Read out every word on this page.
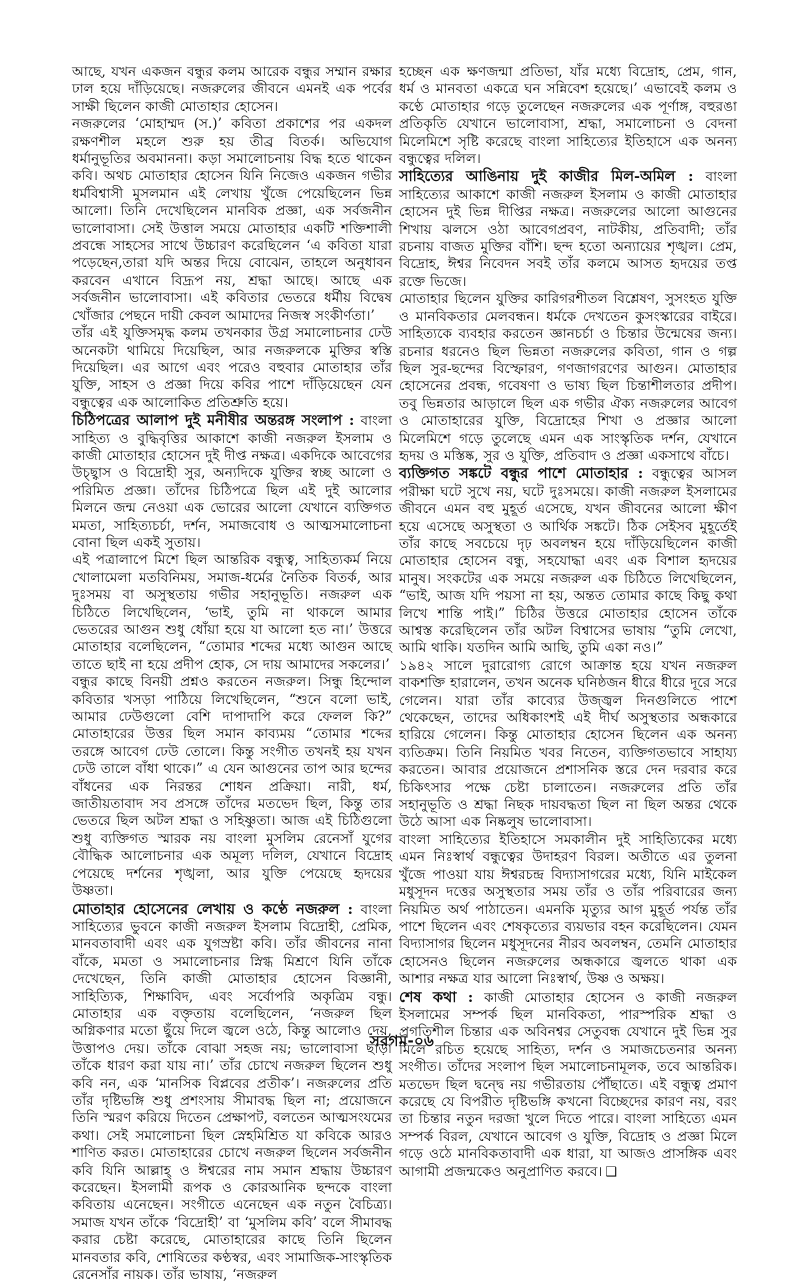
আছে, যখন একজন বন্ধুর কলম আরেক বন্ধুর সম্মান রক্ষার ঢাল হয়ে দাঁড়িয়েছে। নজরুলের জীবনে এমনই এক পর্বের সাক্ষী ছিলেন কাজী মোতাহার হোসেন।

নজরুলের ‘মোহাম্মদ (স.)’ কবিতা প্রকাশের পর একদল রক্ষণশীল মহলে শুরু হয় তীব্র বিতর্ক। অভিযোগ ধর্মানুভূতির অবমাননা। কড়া সমালোচনায় বিদ্ধ হতে থাকেন কবি। অথচ মোতাহার হোসেন যিনি নিজেও একজন গভীর ধর্মবিশ্বাসী মুসলমান এই লেখায় খুঁজে পেয়েছিলেন ভিন্ন আলো। তিনি দেখেছিলেন মানবিক প্রজ্ঞা, এক সর্বজনীন ভালোবাসা। সেই উত্তাল সময়ে মোতাহার একটি শক্তিশালী প্রবন্ধে সাহসের সাথে উচ্চারণ করেছিলেন ‘এ কবিতা যারা পড়েছেন,তারা যদি অন্তর দিয়ে বোঝেন, তাহলে অনুধাবন করবেন এখানে বিদ্রূপ নয়, শ্রদ্ধা আছে। আছে এক সর্বজনীন ভালোবাসা। এই কবিতার ভেতরে ধর্মীয় বিদ্বেষ খোঁজার পেছনে দায়ী কেবল আমাদের নিজস্ব সংকীর্ণতা।’

তাঁর এই যুক্তিসমৃদ্ধ কলম তখনকার উগ্র সমালোচনার ঢেউ অনেকটা থামিয়ে দিয়েছিল, আর নজরুলকে মুক্তির স্বস্তি দিয়েছিল। এর আগে এবং পরেও বহুবার মোতাহার তাঁর যুক্তি, সাহস ও প্রজ্ঞা দিয়ে কবির পাশে দাঁড়িয়েছেন যেন বন্ধুত্বের এক আলোকিত প্রতিশ্রুতি হয়ে।

চিঠিপত্রের আলাপ দুই মনীষীর অন্তরঙ্গ সংলাপ : বাংলা সাহিত্য ও বুদ্ধিবৃত্তির আকাশে কাজী নজরুল ইসলাম ও কাজী মোতাহার হোসেন দুই দীপ্ত নক্ষত্র। একদিকে আবেগের উচ্ছ্বাস ও বিদ্রোহী সুর, অন্যদিকে যুক্তির স্বচ্ছ আলো ও পরিমিত প্রজ্ঞা। তাঁদের চিঠিপত্রে ছিল এই দুই আলোর মিলনে জন্ম নেওয়া এক ভোরের আলো যেখানে ব্যক্তিগত মমতা, সাহিত্যচর্চা, দর্শন, সমাজবোধ ও আত্মসমালোচনা বোনা ছিল একই সুতায়।

এই পত্রালাপে মিশে ছিল আন্তরিক বন্ধুত্ব, সাহিত্যকর্ম নিয়ে খোলামেলা মতবিনিময়, সমাজ-ধর্মের নৈতিক বিতর্ক, আর দুঃসময় বা অসুস্থতায় গভীর সহানুভূতি। নজরুল এক চিঠিতে লিখেছিলেন, ‘ভাই, তুমি না থাকলে আমার ভেতরের আগুন শুধু ধোঁয়া হয়ে যা আলো হত না।’ উত্তরে মোতাহার বলেছিলেন, “তোমার শব্দের মধ্যে আগুন আছে তাতে ছাই না হয়ে প্রদীপ হোক, সে দায় আমাদের সকলের।’

বন্ধুর কাছে বিনয়ী প্রশ্নও করতেন নজরুল। সিন্ধু হিন্দোল কবিতার খসড়া পাঠিয়ে লিখেছিলেন, “শুনে বলো ভাই, আমার ঢেউগুলো বেশি দাপাদাপি করে ফেলল কি?” মোতাহারের উত্তর ছিল সমান কাব্যময় “তোমার শব্দের তরঙ্গে আবেগ ঢেউ তোলে। কিন্তু সংগীত তখনই হয় যখন ঢেউ তালে বাঁধা থাকে।” এ যেন আগুনের তাপ আর ছন্দের বাঁধনের এক নিরন্তর শোধন প্রক্রিয়া। নারী, ধর্ম, জাতীয়তাবাদ সব প্রসঙ্গে তাঁদের মতভেদ ছিল, কিন্তু তার ভেতরে ছিল অটল শ্রদ্ধা ও সহিষ্ণুতা। আজ এই চিঠিগুলো শুধু ব্যক্তিগত স্মারক নয় বাংলা মুসলিম রেনেসাঁ যুগের বৌদ্ধিক আলোচনার এক অমূল্য দলিল, যেখানে বিদ্রোহ পেয়েছে দর্শনের শৃঙ্খলা, আর যুক্তি পেয়েছে হৃদয়ের উষ্ণতা।

মোতাহার হোসেনের লেখায় ও কণ্ঠে নজরুল : বাংলা সাহিত্যের ভুবনে কাজী নজরুল ইসলাম বিদ্রোহী, প্রেমিক, মানবতাবাদী এবং এক যুগস্রষ্টা কবি। তাঁর জীবনের নানা বাঁকে, মমতা ও সমালোচনার স্নিগ্ধ মিশ্রণে যিনি তাঁকে দেখেছেন, তিনি কাজী মোতাহার হোসেন বিজ্ঞানী, সাহিত্যিক, শিক্ষাবিদ, এবং সর্বোপরি অকৃত্রিম বন্ধু। মোতাহার এক বক্তৃতায় বলেছিলেন, ‘নজরুল ছিল অগ্নিকণার মতো ছুঁয়ে দিলে জ্বলে ওঠে, কিন্তু আলোও দেয়, উত্তাপও দেয়। তাঁকে বোঝা সহজ নয়; ভালোবাসা ছাড়া তাঁকে ধারণ করা যায় না।’ তাঁর চোখে নজরুল ছিলেন শুধু কবি নন, এক ‘মানসিক বিপ্লবের প্রতীক’। নজরুলের প্রতি তাঁর দৃষ্টিভঙ্গি শুধু প্রশংসায় সীমাবদ্ধ ছিল না; প্রয়োজনে তিনি স্মরণ করিয়ে দিতেন প্রেক্ষাপট, বলতেন আত্মসংযমের কথা। সেই সমালোচনা ছিল স্নেহমিশ্রিত যা কবিকে আরও শাণিত করত। মোতাহারের চোখে নজরুল ছিলেন সর্বজনীন কবি যিনি আল্লাহ্ ও ঈশ্বরের নাম সমান শ্রদ্ধায় উচ্চারণ করেছেন। ইসলামী রূপক ও কোরআনিক ছন্দকে বাংলা কবিতায় এনেছেন। সংগীতে এনেছেন এক নতুন বৈচিত্র্য। সমাজ যখন তাঁকে ‘বিদ্রোহী’ বা ‘মুসলিম কবি’ বলে সীমাবদ্ধ করার চেষ্টা করেছে, মোতাহারের কাছে তিনি ছিলেন মানবতার কবি, শোষিতের কণ্ঠস্বর, এবং সামাজিক-সাংস্কৃতিক রেনেসাঁর নায়ক। তাঁর ভাষায়, ‘নজরুল

হচ্ছেন এক ক্ষণজন্মা প্রতিভা, যাঁর মধ্যে বিদ্রোহ, প্রেম, গান, ধর্ম ও মানবতা একত্রে ঘন সন্নিবেশ হয়েছে।’ এভাবেই কলম ও কণ্ঠে মোতাহার গড়ে তুলেছেন নজরুলের এক পূর্ণাঙ্গ, বহুরঙা প্রতিকৃতি যেখানে ভালোবাসা, শ্রদ্ধা, সমালোচনা ও বেদনা মিলেমিশে সৃষ্টি করেছে বাংলা সাহিত্যের ইতিহাসে এক অনন্য বন্ধুত্বের দলিল।

সাহিত্যের আঙিনায় দুই কাজীর মিল-অমিল : বাংলা সাহিত্যের আকাশে কাজী নজরুল ইসলাম ও কাজী মোতাহার হোসেন দুই ভিন্ন দীপ্তির নক্ষত্র। নজরুলের আলো আগুনের শিখায় ঝলসে ওঠা আবেগপ্রবণ, নাটকীয়, প্রতিবাদী; তাঁর রচনায় বাজত মুক্তির বাঁশি। ছন্দ হতো অন্যায়ের শৃঙ্খল। প্রেম, বিদ্রোহ, ঈশ্বর নিবেদন সবই তাঁর কলমে আসত হৃদয়ের তপ্ত রক্তে ভিজে।

মোতাহার ছিলেন যুক্তির কারিগরশীতল বিশ্লেষণ, সুসংহত যুক্তি ও মানবিকতার মেলবন্ধন। ধর্মকে দেখতেন কুসংস্কারের বাইরে। সাহিত্যকে ব্যবহার করতেন জ্ঞানচর্চা ও চিন্তার উন্মেষের জন্য। রচনার ধরনেও ছিল ভিন্নতা নজরুলের কবিতা, গান ও গল্প ছিল সুর-ছন্দের বিস্ফোরণ, গণজাগরণের আগুন। মোতাহার হোসেনের প্রবন্ধ, গবেষণা ও ভাষ্য ছিল চিন্তাশীলতার প্রদীপ। তবু ভিন্নতার আড়ালে ছিল এক গভীর ঐক্য নজরুলের আবেগ ও মোতাহারের যুক্তি, বিদ্রোহের শিখা ও প্রজ্ঞার আলো মিলেমিশে গড়ে তুলেছে এমন এক সাংস্কৃতিক দর্শন, যেখানে হৃদয় ও মস্তিষ্ক, সুর ও যুক্তি, প্রতিবাদ ও প্রজ্ঞা একসাথে বাঁচে।

ব্যক্তিগত সঙ্কটে বন্ধুর পাশে মোতাহার : বন্ধুত্বের আসল পরীক্ষা ঘটে সুখে নয়, ঘটে দুঃসময়ে। কাজী নজরুল ইসলামের জীবনে এমন বহু মুহূর্ত এসেছে, যখন জীবনের আলো ক্ষীণ হয়ে এসেছে অসুস্থতা ও আর্থিক সঙ্কটে। ঠিক সেইসব মুহূর্তেই তাঁর কাছে সবচেয়ে দৃঢ় অবলম্বন হয়ে দাঁড়িয়েছিলেন কাজী মোতাহার হোসেন বন্ধু, সহযোদ্ধা এবং এক বিশাল হৃদয়ের মানুষ। সংকটের এক সময়ে নজরুল এক চিঠিতে লিখেছিলেন, “ভাই, আজ যদি পয়সা না হয়, অন্তত তোমার কাছে কিছু কথা লিখে শান্তি পাই।” চিঠির উত্তরে মোতাহার হোসেন তাঁকে আশ্বস্ত করেছিলেন তাঁর অটল বিশ্বাসের ভাষায় “তুমি লেখো, আমি থাকি। যতদিন আমি আছি, তুমি একা নও।”

১৯৪২ সালে দুরারোগ্য রোগে আক্রান্ত হয়ে যখন নজরুল বাকশক্তি হারালেন, তখন অনেক ঘনিষ্ঠজন ধীরে ধীরে দূরে সরে গেলেন। যারা তাঁর কাব্যের উজ্জ্বল দিনগুলিতে পাশে থেকেছেন, তাদের অধিকাংশই এই দীর্ঘ অসুস্থতার অন্ধকারে হারিয়ে গেলেন। কিন্তু মোতাহার হোসেন ছিলেন এক অনন্য ব্যতিক্রম। তিনি নিয়মিত খবর নিতেন, ব্যক্তিগতভাবে সাহায্য করতেন। আবার প্রয়োজনে প্রশাসনিক স্তরে দেন দরবার করে চিকিৎসার পক্ষে চেষ্টা চালাতেন। নজরুলের প্রতি তাঁর সহানুভূতি ও শ্রদ্ধা নিছক দায়বদ্ধতা ছিল না ছিল অন্তর থেকে উঠে আসা এক নিষ্কলুষ ভালোবাসা।

বাংলা সাহিত্যের ইতিহাসে সমকালীন দুই সাহিত্যিকের মধ্যে এমন নিঃস্বার্থ বন্ধুত্বের উদাহরণ বিরল। অতীতে এর তুলনা খুঁজে পাওয়া যায় ঈশ্বরচন্দ্র বিদ্যাসাগরের মধ্যে, যিনি মাইকেল মধুসূদন দত্তের অসুস্থতার সময় তাঁর ও তাঁর পরিবারের জন্য নিয়মিত অর্থ পাঠাতেন। এমনকি মৃত্যুর আগ মুহূর্ত পর্যন্ত তাঁর পাশে ছিলেন এবং শেষকৃত্যের ব্যয়ভার বহন করেছিলেন। যেমন বিদ্যাসাগর ছিলেন মধুসূদনের নীরব অবলম্বন, তেমনি মোতাহার হোসেনও ছিলেন নজরুলের অন্ধকারে জ্বলতে থাকা এক আশার নক্ষত্র যার আলো নিঃস্বার্থ, উষ্ণ ও অক্ষয়।

শেষ কথা : কাজী মোতাহার হোসেন ও কাজী নজরুল ইসলামের সম্পর্ক ছিল মানবিকতা, পারস্পরিক শ্রদ্ধা ও প্রগতিশীল চিন্তার এক অবিনশ্বর সেতুবন্ধ যেখানে দুই ভিন্ন সুর মিলে রচিত হয়েছে সাহিত্য, দর্শন ও সমাজচেতনার অনন্য সংগীত। তাঁদের সংলাপ ছিল সমালোচনামূলক, তবে আন্তরিক। মতভেদ ছিল দ্বন্দ্বে নয় গভীরতায় পৌঁছাতে। এই বন্ধুত্ব প্রমাণ করেছে যে বিপরীত দৃষ্টিভঙ্গি কখনো বিচ্ছেদের কারণ নয়, বরং তা চিন্তার নতুন দরজা খুলে দিতে পারে। বাংলা সাহিত্যে এমন সম্পর্ক বিরল, যেখানে আবেগ ও যুক্তি, বিদ্রোহ ও প্রজ্ঞা মিলে গড়ে ওঠে মানবিকতাবাদী এক ধারা, যা আজও প্রাসঙ্গিক এবং আগামী প্রজন্মকেও অনুপ্রাণিত করবে। ❑

সরগম-০৬
